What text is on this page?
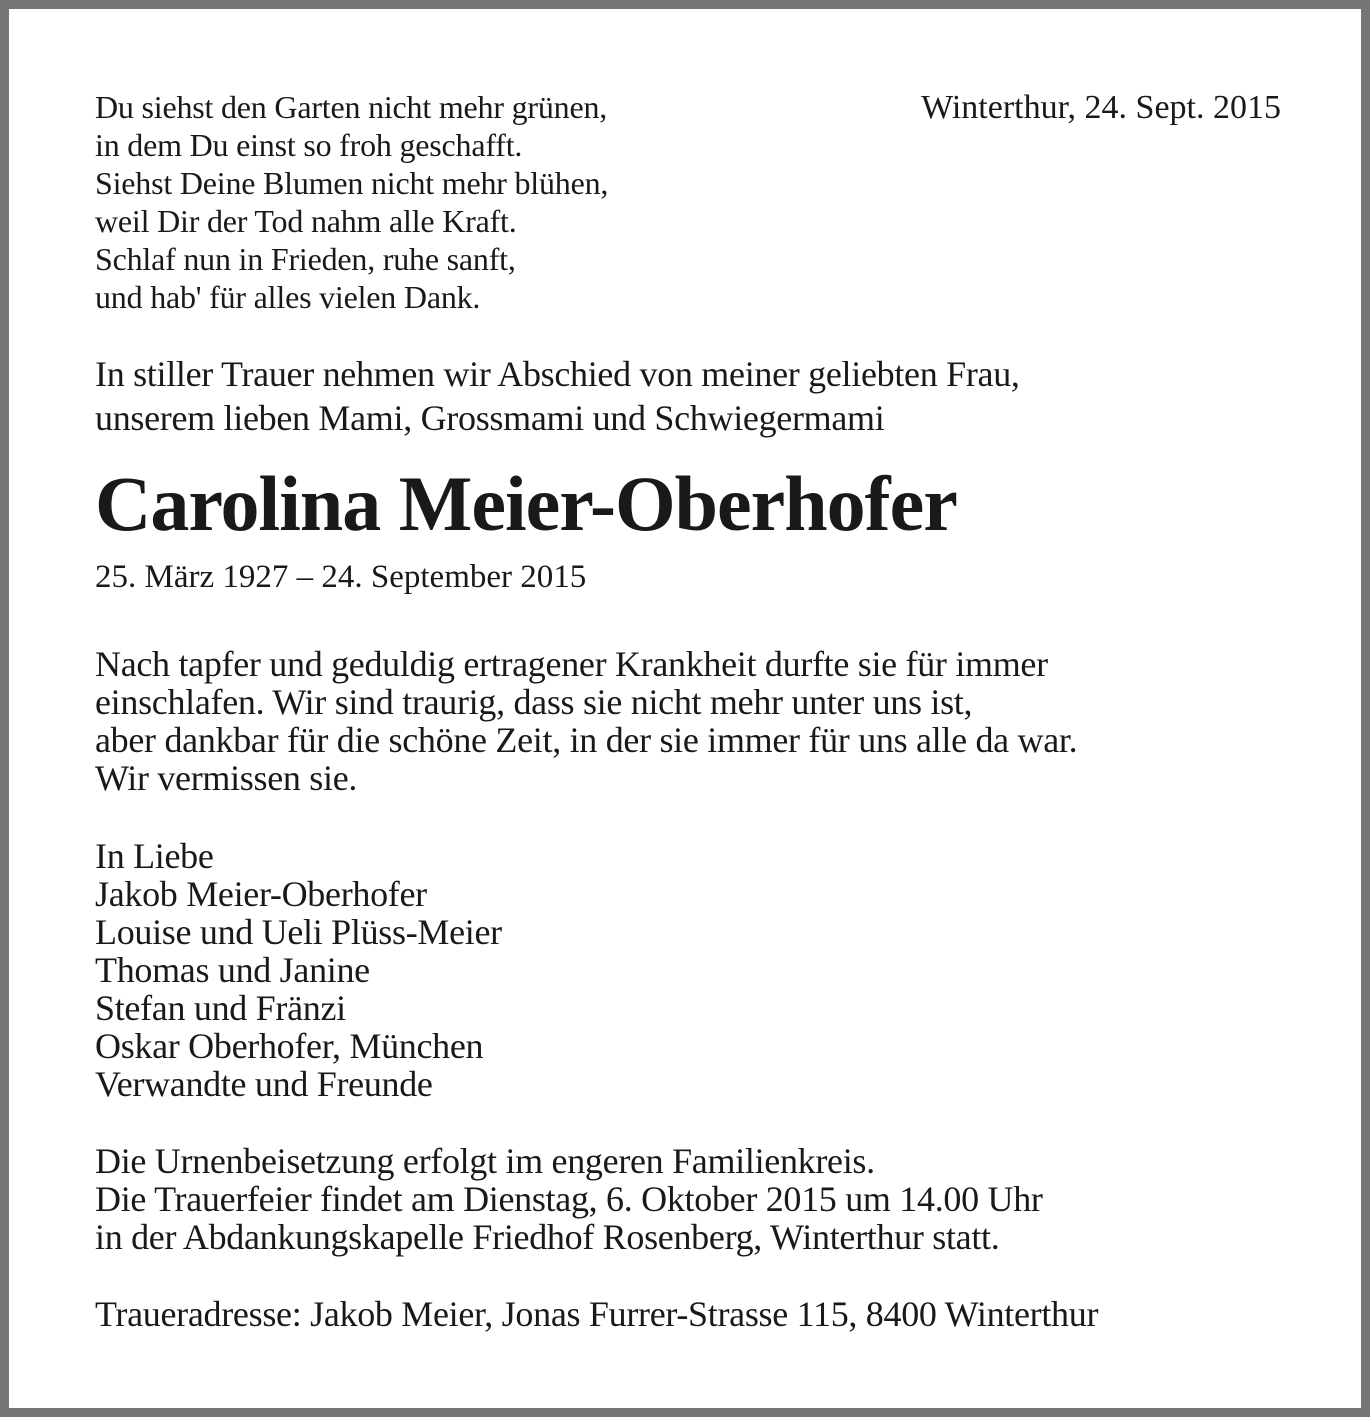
Du siehst den Garten nicht mehr grünen,
in dem Du einst so froh geschafft.
Siehst Deine Blumen nicht mehr blühen,
weil Dir der Tod nahm alle Kraft.
Schlaf nun in Frieden, ruhe sanft,
und hab' für alles vielen Dank.
Winterthur, 24. Sept. 2015
In stiller Trauer nehmen wir Abschied von meiner geliebten Frau,
unserem lieben Mami, Grossmami und Schwiegermami
Carolina Meier-Oberhofer
25. März 1927 – 24. September 2015
Nach tapfer und geduldig ertragener Krankheit durfte sie für immer
einschlafen. Wir sind traurig, dass sie nicht mehr unter uns ist,
aber dankbar für die schöne Zeit, in der sie immer für uns alle da war.
Wir vermissen sie.
In Liebe
Jakob Meier-Oberhofer
Louise und Ueli Plüss-Meier
Thomas und Janine
Stefan und Fränzi
Oskar Oberhofer, München
Verwandte und Freunde
Die Urnenbeisetzung erfolgt im engeren Familienkreis.
Die Trauerfeier findet am Dienstag, 6. Oktober 2015 um 14.00 Uhr
in der Abdankungskapelle Friedhof Rosenberg, Winterthur statt.
Traueradresse: Jakob Meier, Jonas Furrer-Strasse 115, 8400 Winterthur
